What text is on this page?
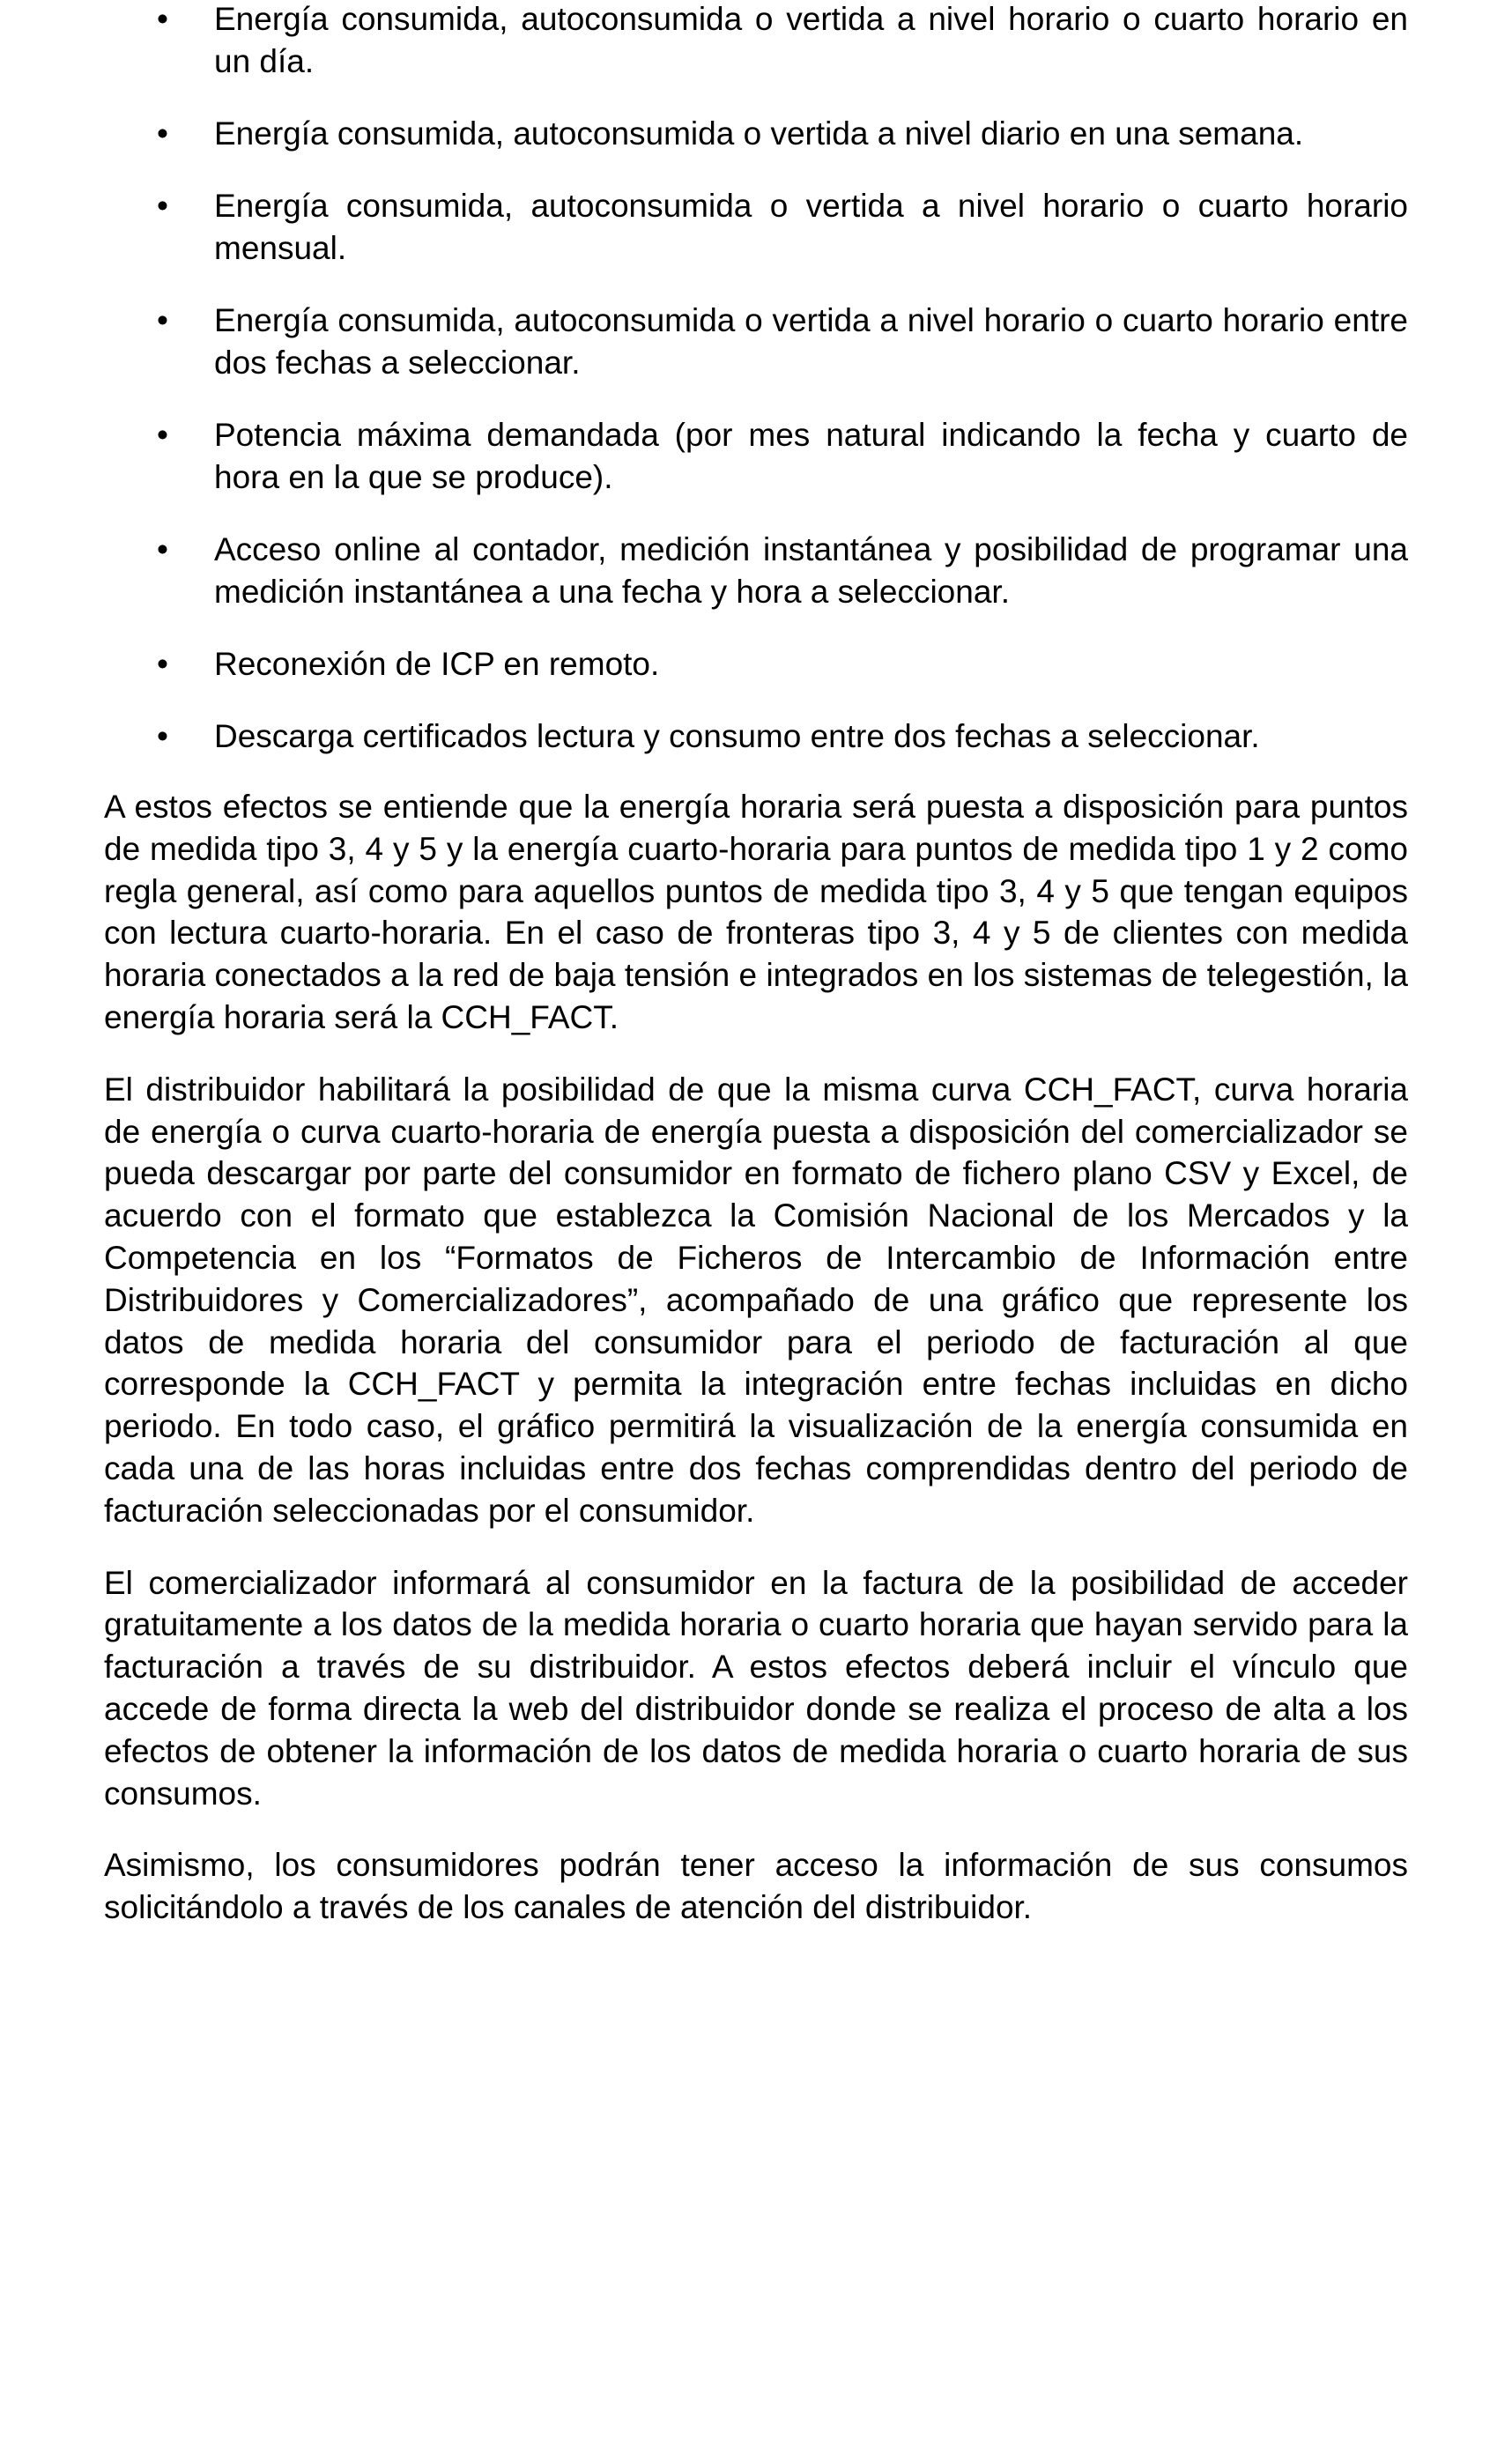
•	Energía consumida, autoconsumida o vertida a nivel horario o cuarto horario en un día.
•	Energía consumida, autoconsumida o vertida a nivel diario en una semana.
•	Energía consumida, autoconsumida o vertida a nivel horario o cuarto horario mensual.
•	Energía consumida, autoconsumida o vertida a nivel horario o cuarto horario entre dos fechas a seleccionar.
•	Potencia máxima demandada (por mes natural indicando la fecha y cuarto de hora en la que se produce).
•	Acceso online al contador, medición instantánea y posibilidad de programar una medición instantánea a una fecha y hora a seleccionar.
•	Reconexión de ICP en remoto.
•	Descarga certificados lectura y consumo entre dos fechas a seleccionar.

A estos efectos se entiende que la energía horaria será puesta a disposición para puntos de medida tipo 3, 4 y 5 y la energía cuarto-horaria para puntos de medida tipo 1 y 2 como regla general, así como para aquellos puntos de medida tipo 3, 4 y 5 que tengan equipos con lectura cuarto-horaria. En el caso de fronteras tipo 3, 4 y 5 de clientes con medida horaria conectados a la red de baja tensión e integrados en los sistemas de telegestión, la energía horaria será la CCH_FACT.

El distribuidor habilitará la posibilidad de que la misma curva CCH_FACT, curva horaria de energía o curva cuarto-horaria de energía puesta a disposición del comercializador se pueda descargar por parte del consumidor en formato de fichero plano CSV y Excel, de acuerdo con el formato que establezca la Comisión Nacional de los Mercados y la Competencia en los “Formatos de Ficheros de Intercambio de Información entre Distribuidores y Comercializadores”, acompañado de una gráfico que represente los datos de medida horaria del consumidor para el periodo de facturación al que corresponde la CCH_FACT y permita la integración entre fechas incluidas en dicho periodo. En todo caso, el gráfico permitirá la visualización de la energía consumida en cada una de las horas incluidas entre dos fechas comprendidas dentro del periodo de facturación seleccionadas por el consumidor.

El comercializador informará al consumidor en la factura de la posibilidad de acceder gratuitamente a los datos de la medida horaria o cuarto horaria que hayan servido para la facturación a través de su distribuidor. A estos efectos deberá incluir el vínculo que accede de forma directa la web del distribuidor donde se realiza el proceso de alta a los efectos de obtener la información de los datos de medida horaria o cuarto horaria de sus consumos.

Asimismo, los consumidores podrán tener acceso la información de sus consumos solicitándolo a través de los canales de atención del distribuidor.
